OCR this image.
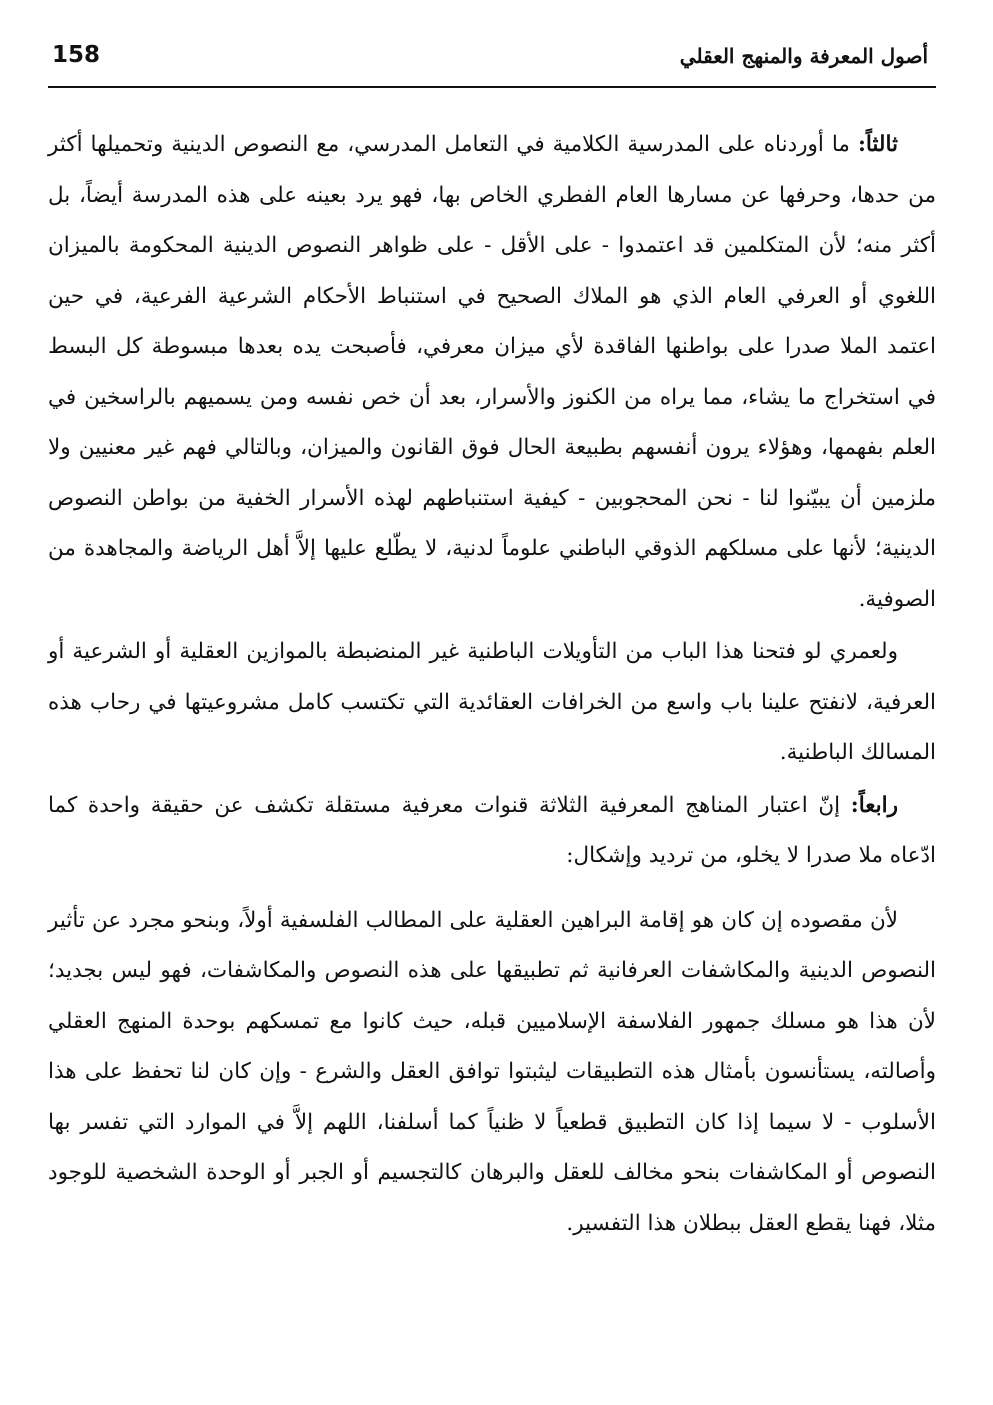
158	أصول المعرفة والمنهج العقلي

ثالثاً: ما أوردناه على المدرسية الكلامية في التعامل المدرسي، مع النصوص الدينية وتحميلها أكثر من حدها، وحرفها عن مسارها العام الفطري الخاص بها، فهو يرد بعينه على هذه المدرسة أيضاً، بل أكثر منه؛ لأن المتكلمين قد اعتمدوا - على الأقل - على ظواهر النصوص الدينية المحكومة بالميزان اللغوي أو العرفي العام الذي هو الملاك الصحيح في استنباط الأحكام الشرعية الفرعية، في حين اعتمد الملا صدرا على بواطنها الفاقدة لأي ميزان معرفي، فأصبحت يده بعدها مبسوطة كل البسط في استخراج ما يشاء، مما يراه من الكنوز والأسرار، بعد أن خص نفسه ومن يسميهم بالراسخين في العلم بفهمها، وهؤلاء يرون أنفسهم بطبيعة الحال فوق القانون والميزان، وبالتالي فهم غير معنيين ولا ملزمين أن يبيّنوا لنا - نحن المحجوبين - كيفية استنباطهم لهذه الأسرار الخفية من بواطن النصوص الدينية؛ لأنها على مسلكهم الذوقي الباطني علوماً لدنية، لا يطّلع عليها إلاَّ أهل الرياضة والمجاهدة من الصوفية.

ولعمري لو فتحنا هذا الباب من التأويلات الباطنية غير المنضبطة بالموازين العقلية أو الشرعية أو العرفية، لانفتح علينا باب واسع من الخرافات العقائدية التي تكتسب كامل مشروعيتها في رحاب هذه المسالك الباطنية.

رابعاً: إنّ اعتبار المناهج المعرفية الثلاثة قنوات معرفية مستقلة تكشف عن حقيقة واحدة كما ادّعاه ملا صدرا لا يخلو، من ترديد وإشكال:

لأن مقصوده إن كان هو إقامة البراهين العقلية على المطالب الفلسفية أولاً، وبنحو مجرد عن تأثير النصوص الدينية والمكاشفات العرفانية ثم تطبيقها على هذه النصوص والمكاشفات، فهو ليس بجديد؛ لأن هذا هو مسلك جمهور الفلاسفة الإسلاميين قبله، حيث كانوا مع تمسكهم بوحدة المنهج العقلي وأصالته، يستأنسون بأمثال هذه التطبيقات ليثبتوا توافق العقل والشرع - وإن كان لنا تحفظ على هذا الأسلوب - لا سيما إذا كان التطبيق قطعياً لا ظنياً كما أسلفنا، اللهم إلاَّ في الموارد التي تفسر بها النصوص أو المكاشفات بنحو مخالف للعقل والبرهان كالتجسيم أو الجبر أو الوحدة الشخصية للوجود مثلا، فهنا يقطع العقل ببطلان هذا التفسير.
